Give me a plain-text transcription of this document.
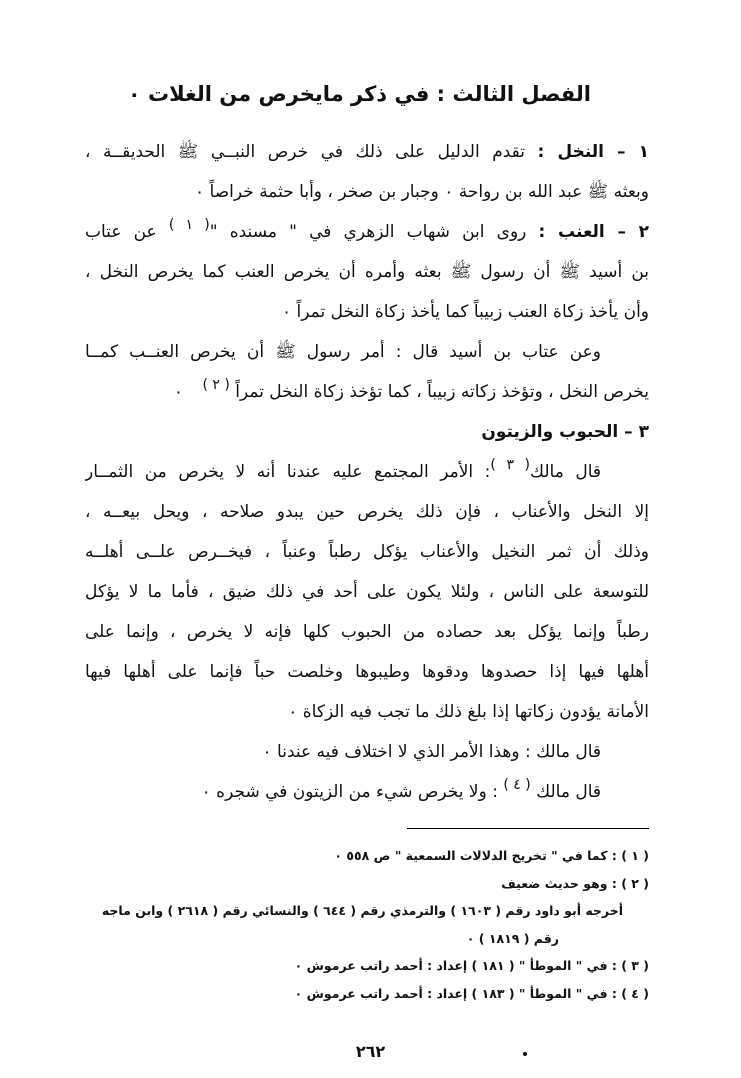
الفصل الثالث : في ذكر مايخرص من الغلات ٠
١ – النخل : تقدم الدليل على ذلك في خرص النبــي ﷺ الحديقــة ،
وبعثه ﷺ عبد الله بن رواحة ٠ وجبار بن صخر ، وأبا حثمة خراصاً ٠
٢ – العنب : روى ابن شهاب الزهري في " مسنده "$^{( ١ )}$ عن عتاب
بن أسيد ﷺ أن رسول ﷺ بعثه وأمره أن يخرص العنب كما يخرص النخل ،
وأن يأخذ زكاة العنب زبيباً كما يأخذ زكاة النخل تمراً ٠
وعن عتاب بن أسيد قال : أمر رسول ﷺ أن يخرص العنــب كمــا
يخرص النخل ، وتؤخذ زكاته زبيباً ، كما تؤخذ زكاة النخل تمراً $^{( ٢ )}$ ٠
٣ – الحبوب والزيتون
قال مالك$^{( ٣ )}$: الأمر المجتمع عليه عندنا أنه لا يخرص من الثمــار
إلا النخل والأعناب ، فإن ذلك يخرص حين يبدو صلاحه ، ويحل بيعــه ،
وذلك أن ثمر النخيل والأعناب يؤكل رطباً وعنباً ، فيخــرص علــى أهلــه
للتوسعة على الناس ، ولئلا يكون على أحد في ذلك ضيق ، فأما ما لا يؤكل
رطباً وإنما يؤكل بعد حصاده من الحبوب كلها فإنه لا يخرص ، وإنما على
أهلها فيها إذا حصدوها ودقوها وطيبوها وخلصت حباً فإنما على أهلها فيها
الأمانة يؤدون زكاتها إذا بلغ ذلك ما تجب فيه الزكاة ٠
قال مالك : وهذا الأمر الذي لا اختلاف فيه عندنا ٠
قال مالك $^{( ٤ )}$ : ولا يخرص شيء من الزيتون في شجره ٠
( ١ ) : كما في " تخريج الدلالات السمعية " ص ٥٥٨ ٠
( ٢ ) : وهو حديث ضعيف
أخرجه أبو داود رقم ( ١٦٠٣ ) والترمذي رقم ( ٦٤٤ ) والنسائي رقم ( ٢٦١٨ ) وابن ماجه
رقم ( ١٨١٩ ) ٠
( ٣ ) : في " الموطأ " ( ١٨١ ) إعداد : أحمد راتب عرموش ٠
( ٤ ) : في " الموطأ " ( ١٨٣ ) إعداد : أحمد راتب عرموش ٠
٢٦٢
